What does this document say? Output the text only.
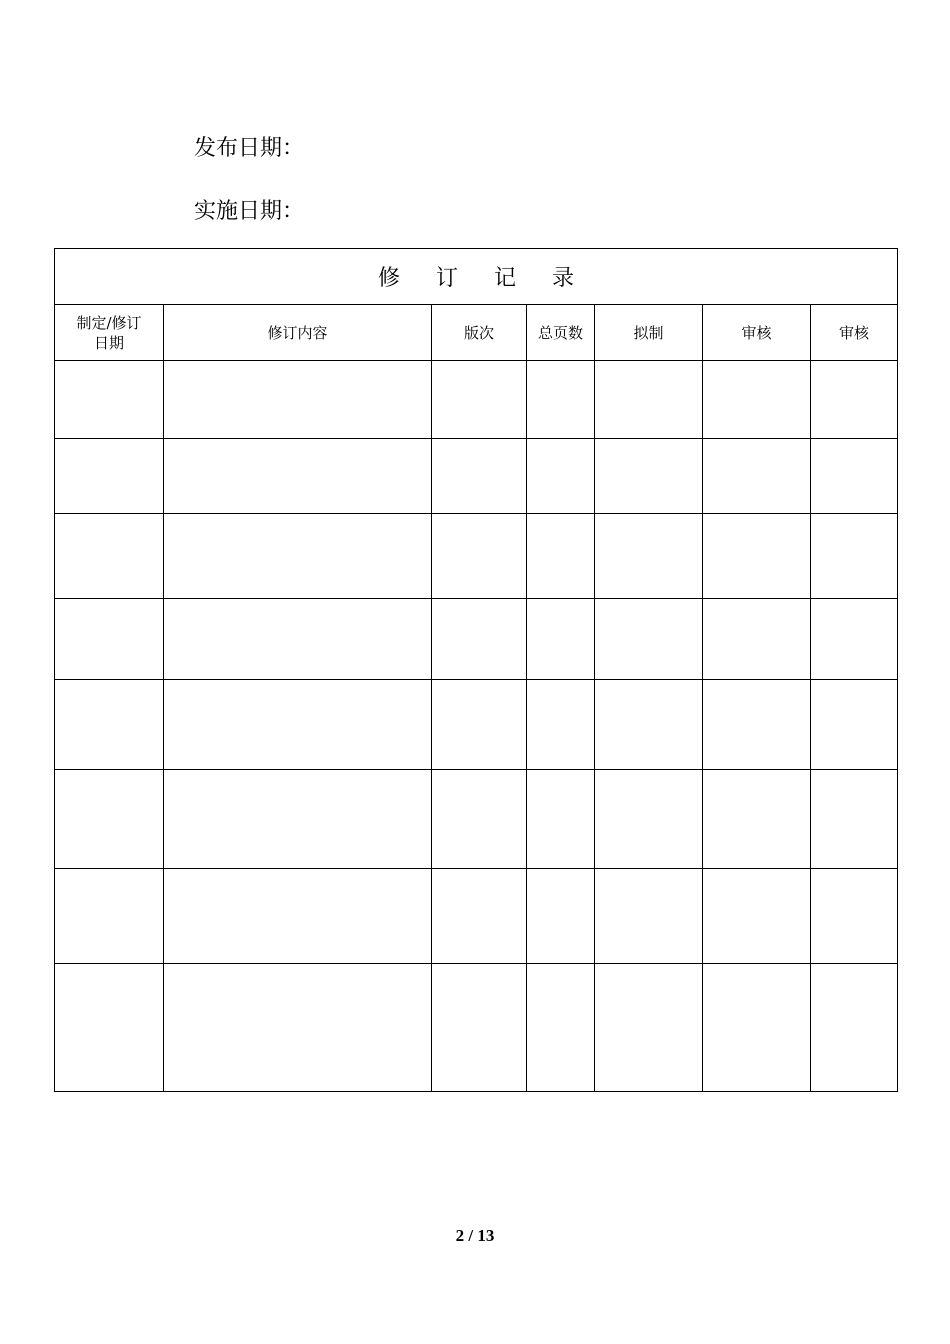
发布日期：
实施日期：
修订记录						
制定/修订日期	修订内容	版次	总页数	拟制	审核	审核

2 / 13
